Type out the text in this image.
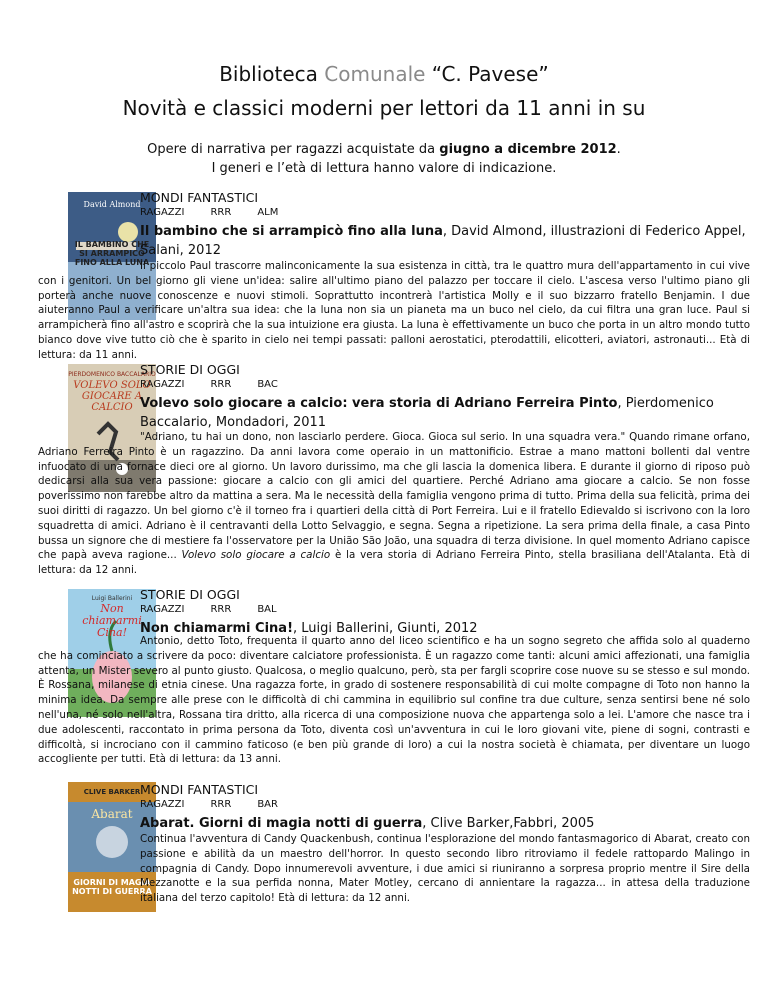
Biblioteca Comunale “C. Pavese”
Novità e classici moderni per lettori da 11 anni in su
Opere di narrativa per ragazzi acquistate da giugno a dicembre 2012.
I generi e l’età di lettura hanno valore di indicazione.
David Almond
IL BAMBINO CHE SI ARRAMPICÒ FINO ALLA LUNA
MONDI FANTASTICI
RAGAZZI	RRR	ALM
Il bambino che si arrampicò fino alla luna, David Almond, illustrazioni di Federico Appel, Salani, 2012
Il piccolo Paul trascorre malinconicamente la sua esistenza in città, tra le quattro mura dell'appartamento in cui vive con i genitori. Un bel giorno gli viene un'idea: salire all'ultimo piano del palazzo per toccare il cielo. L'ascesa verso l'ultimo piano gli porterà anche nuove conoscenze e nuovi stimoli. Soprattutto incontrerà l'artistica Molly e il suo bizzarro fratello Benjamin. I due aiuteranno Paul a verificare un'altra sua idea: che la luna non sia un pianeta ma un buco nel cielo, da cui filtra una gran luce. Paul si arrampicherà fino all'astro e scoprirà che la sua intuizione era giusta. La luna è effettivamente un buco che porta in un altro mondo tutto bianco dove vive tutto ciò che è sparito in cielo nei tempi passati: palloni aerostatici, pterodattili, elicotteri, aviatori, astronauti... Età di lettura: da 11 anni.
PIERDOMENICO BACCALARIO
VOLEVO SOLO GIOCARE A CALCIO
STORIE DI OGGI
RAGAZZI	RRR	BAC
Volevo solo giocare a calcio: vera storia di Adriano Ferreira Pinto, Pierdomenico Baccalario, Mondadori, 2011
"Adriano, tu hai un dono, non lasciarlo perdere. Gioca. Gioca sul serio. In una squadra vera." Quando rimane orfano, Adriano Ferreira Pinto è un ragazzino. Da anni lavora come operaio in un mattonificio. Estrae a mano mattoni bollenti dal ventre infuocato di una fornace dieci ore al giorno. Un lavoro durissimo, ma che gli lascia la domenica libera. E durante il giorno di riposo può dedicarsi alla sua vera passione: giocare a calcio con gli amici del quartiere. Perché Adriano ama giocare a calcio. Se non fosse poverissimo non farebbe altro da mattina a sera. Ma le necessità della famiglia vengono prima di tutto. Prima della sua felicità, prima dei suoi diritti di ragazzo. Un bel giorno c'è il torneo fra i quartieri della città di Port Ferreira. Lui e il fratello Edievaldo si iscrivono con la loro squadretta di amici. Adriano è il centravanti della Lotto Selvaggio, e segna. Segna a ripetizione. La sera prima della finale, a casa Pinto bussa un signore che di mestiere fa l'osservatore per la União São João, una squadra di terza divisione. In quel momento Adriano capisce che papà aveva ragione... Volevo solo giocare a calcio è la vera storia di Adriano Ferreira Pinto, stella brasiliana dell'Atalanta. Età di lettura: da 12 anni.
Luigi Ballerini
Non chiamarmi Cina!
STORIE DI OGGI
RAGAZZI	RRR	BAL
Non chiamarmi Cina!, Luigi Ballerini, Giunti, 2012
Antonio, detto Toto, frequenta il quarto anno del liceo scientifico e ha un sogno segreto che affida solo al quaderno che ha cominciato a scrivere da poco: diventare calciatore professionista. È un ragazzo come tanti: alcuni amici affezionati, una famiglia attenta, un Mister severo al punto giusto. Qualcosa, o meglio qualcuno, però, sta per fargli scoprire cose nuove su se stesso e sul mondo. È Rossana, milanese di etnia cinese. Una ragazza forte, in grado di sostenere responsabilità di cui molte compagne di Toto non hanno la minima idea. Da sempre alle prese con le difficoltà di chi cammina in equilibrio sul confine tra due culture, senza sentirsi bene né solo nell'una, né solo nell'altra, Rossana tira dritto, alla ricerca di una composizione nuova che appartenga solo a lei. L'amore che nasce tra i due adolescenti, raccontato in prima persona da Toto, diventa così un'avventura in cui le loro giovani vite, piene di sogni, contrasti e difficoltà, si incrociano con il cammino faticoso (e ben più grande di loro) a cui la nostra società è chiamata, per diventare un luogo accogliente per tutti. Età di lettura: da 13 anni.
CLIVE BARKER
Abarat
GIORNI DI MAGIA NOTTI DI GUERRA
MONDI FANTASTICI
RAGAZZI	RRR	BAR
Abarat. Giorni di magia notti di guerra, Clive Barker,Fabbri, 2005
Continua l'avventura di Candy Quackenbush, continua l'esplorazione del mondo fantasmagorico di Abarat, creato con passione e abilità da un maestro dell'horror. In questo secondo libro ritroviamo il fedele rattopardo Malingo in compagnia di Candy. Dopo innumerevoli avventure, i due amici si riuniranno a sorpresa proprio mentre il Sire della Mezzanotte e la sua perfida nonna, Mater Motley, cercano di annientare la ragazza... in attesa della traduzione italiana del terzo capitolo! Età di lettura: da 12 anni.
